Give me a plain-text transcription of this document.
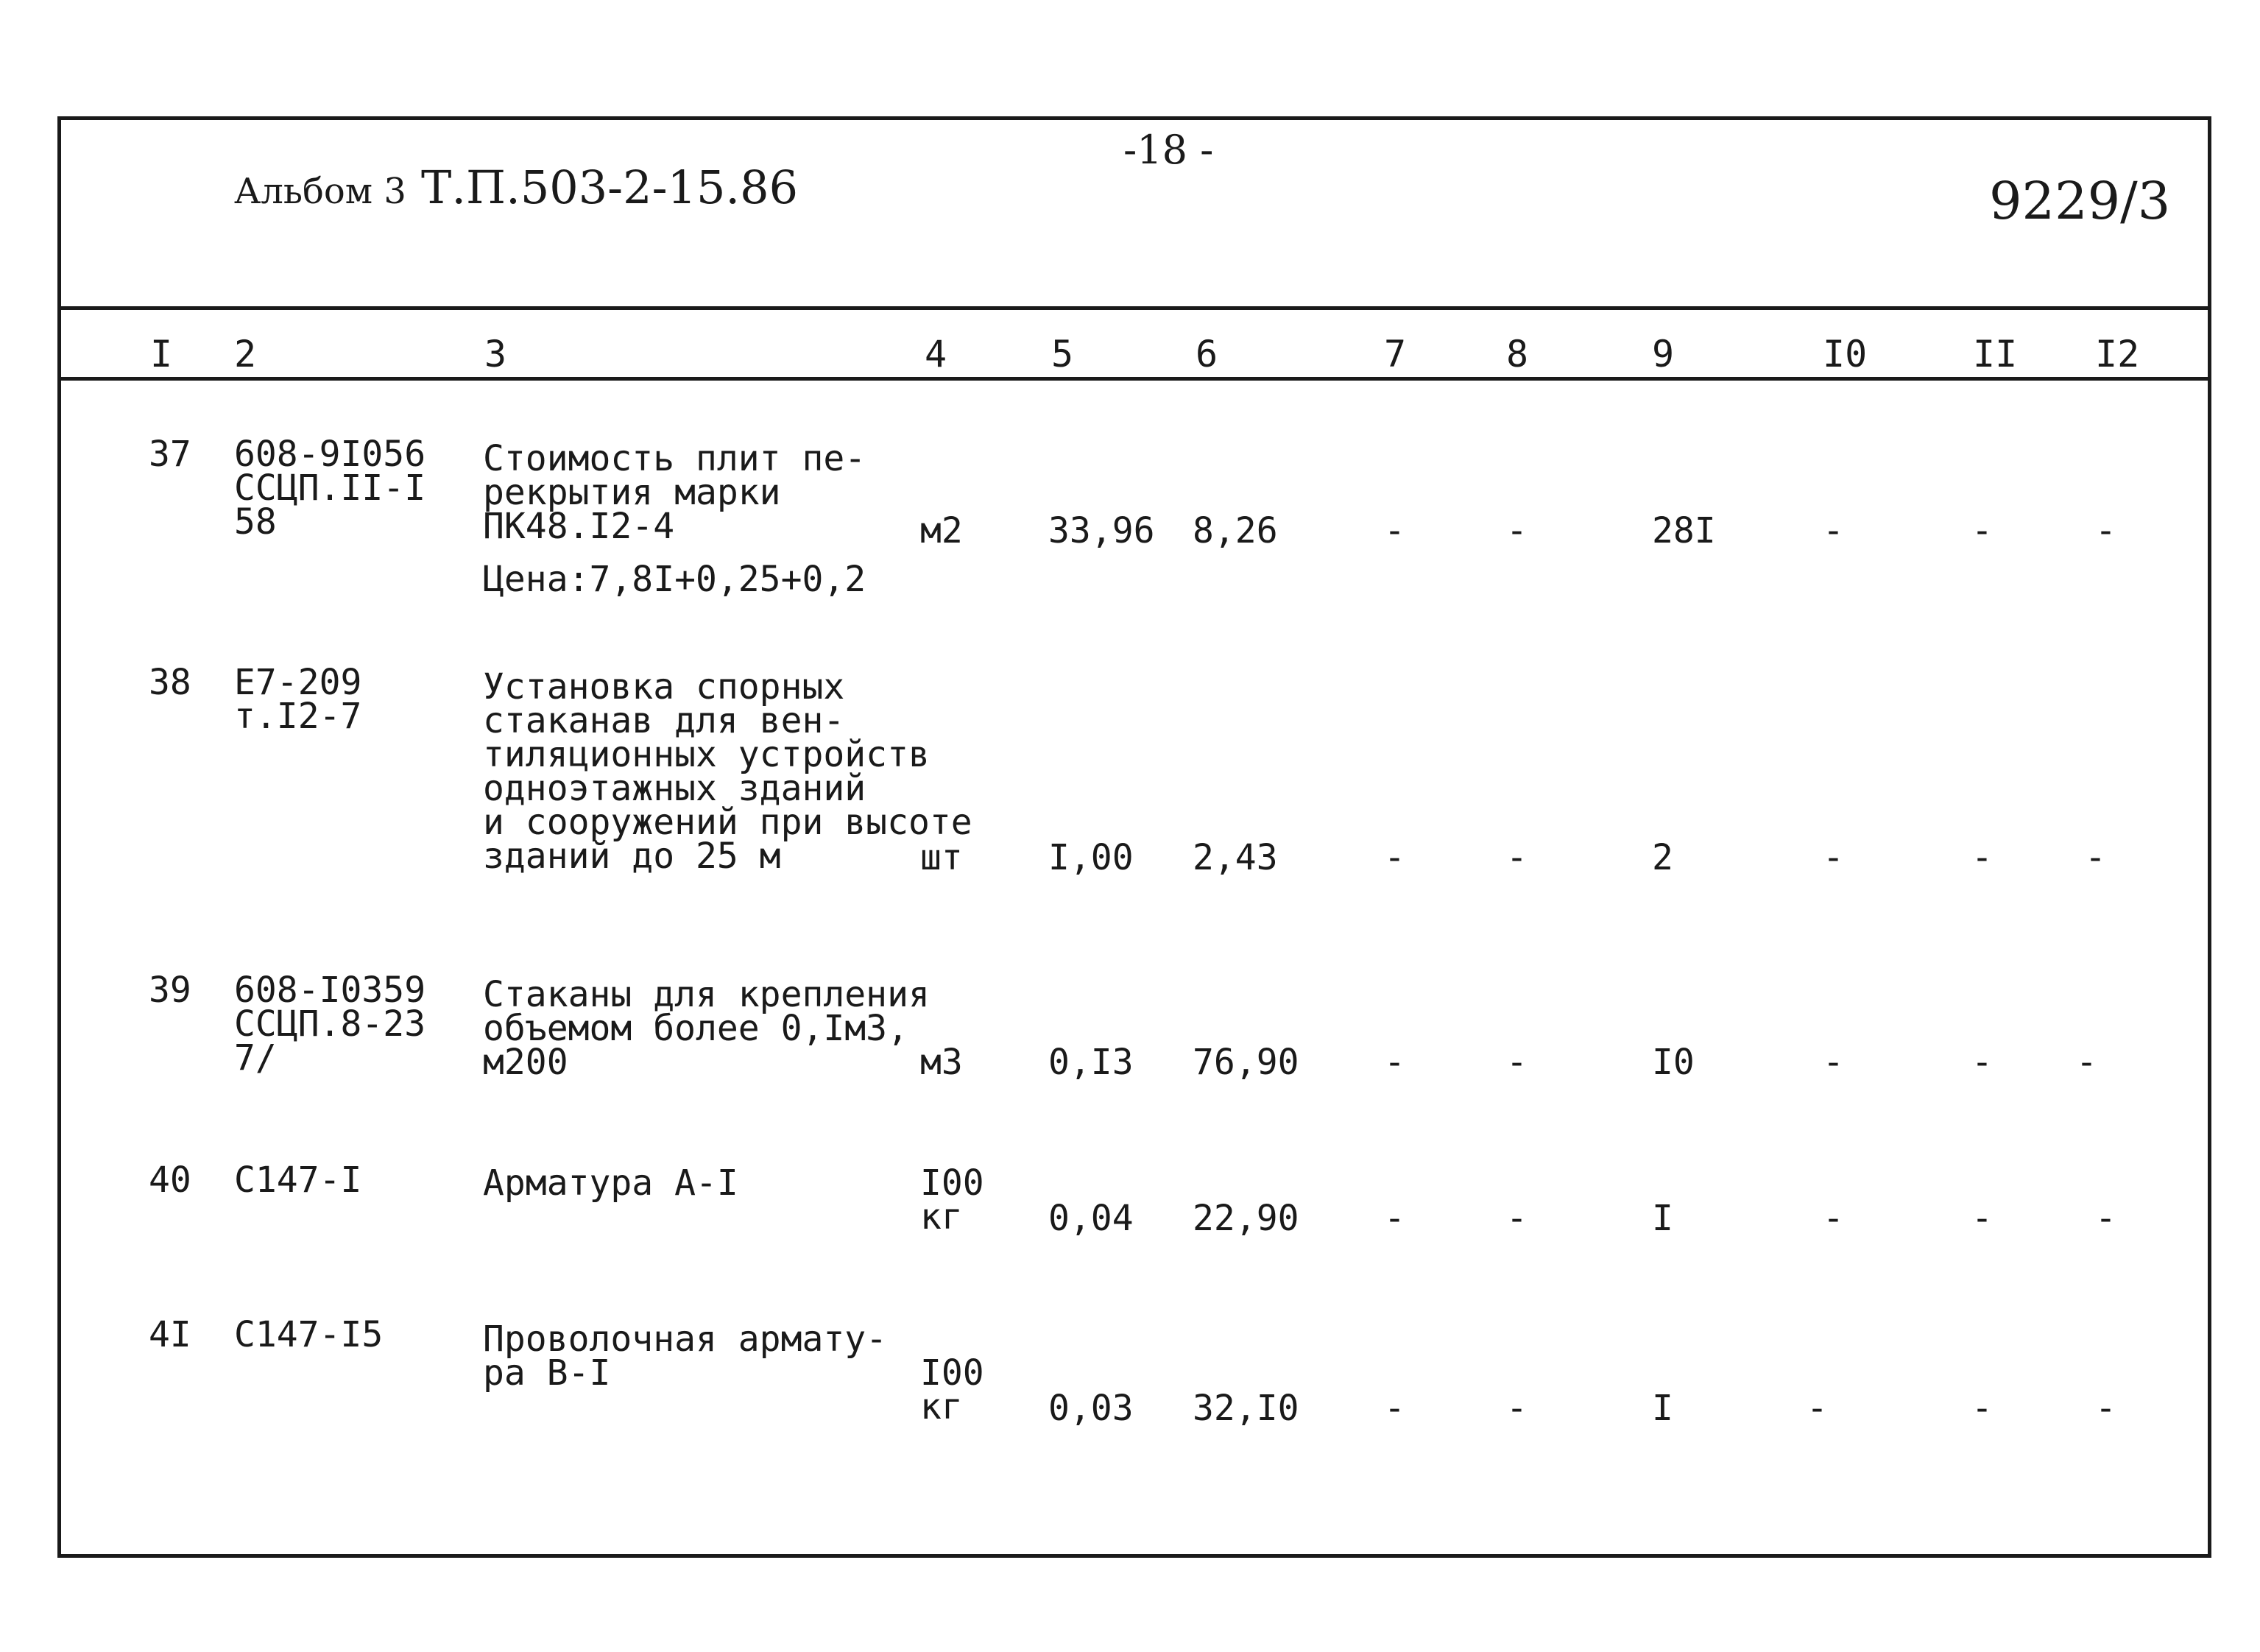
Альбом 3 Т.П.503-2-15.86
-18 -
9229/3
I 2	3	4	5	6	7	8	9	I0	II I2
37 608-9I056
ССЦП.II-I
58
Стоимость плит пе-
рекрытия марки
ПК48.I2-4
Цена:7,8I+0,25+0,2
м2 33,96 8,26	-	-	28I	-	-	-
38 Е7-209
т.I2-7
Установка спорных
стаканав для вен-
тиляционных устройств
одноэтажных зданий
и сооружений при высоте
зданий до 25 м	шт I,00 2,43	-	-	2	-	-	-
39 608-I0359
ССЦП.8-23
7/
Стаканы для крепления
объемом более 0,Iм3,
м200	м3 0,I3 76,90 -	-	I0	-	- -
40 С147-I	Арматура А-I	I00
кг	0,04 22,90 -	-	I	-	-	-
4I С147-I5	Проволочная армату-
ра В-I	I00
кг	0,03 32,I0 -	-	I	-	-	-
